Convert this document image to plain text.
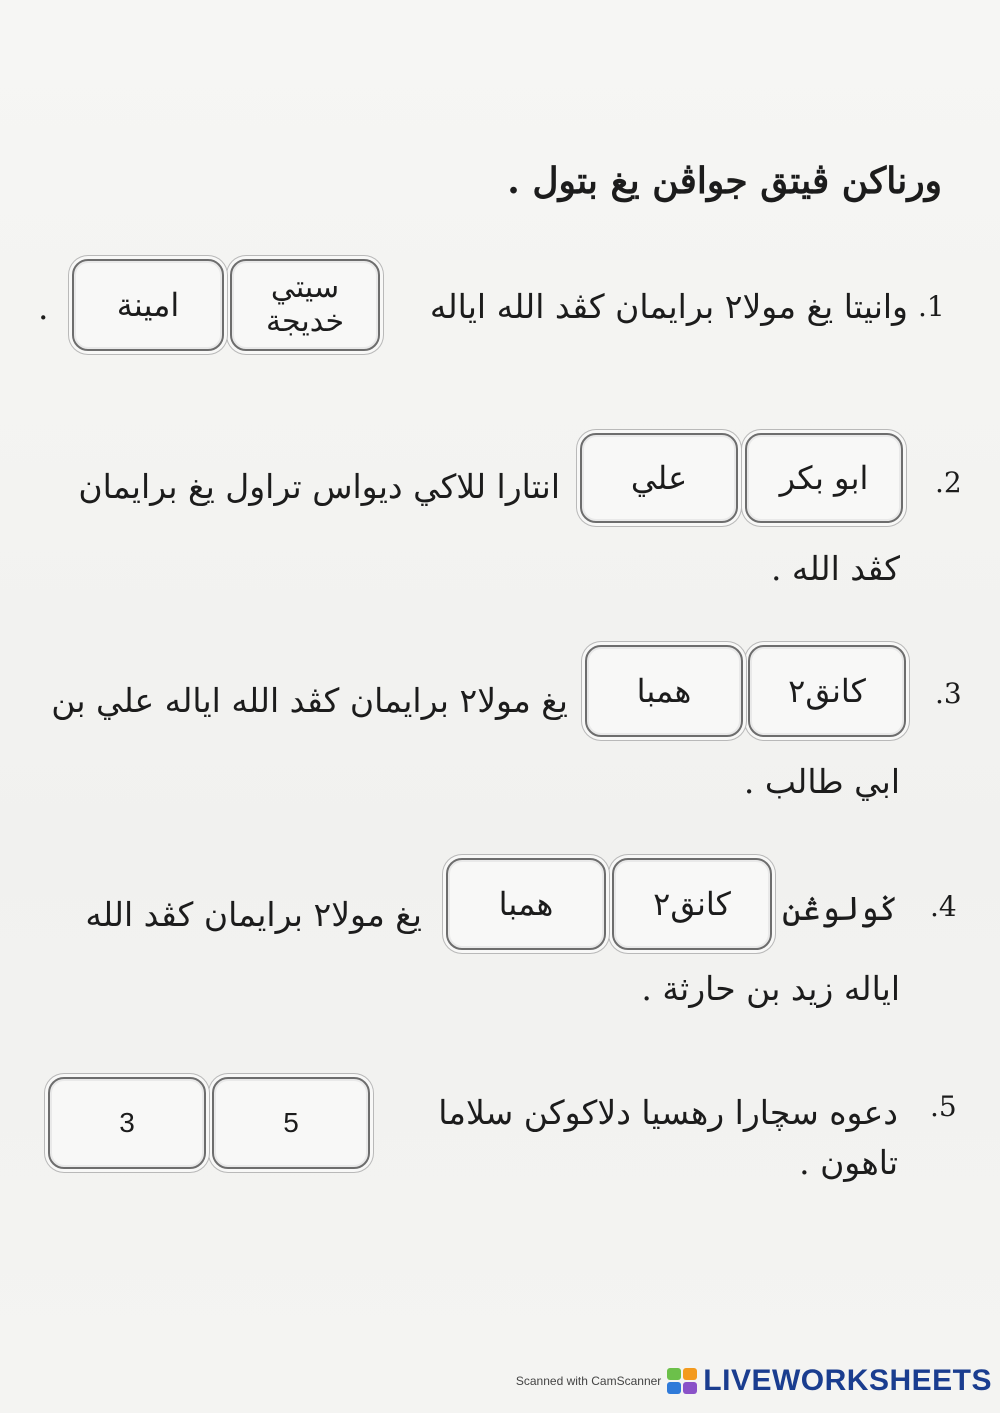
ورناكن ڤيتق جواڤن يغ بتول .
.1
وانيتا يغ مولا٢ برايمان كڤد الله اياله
سيتي خديجة
امينة
.
.2
ابو بكر
علي
انتارا للاكي ديواس تراول يغ برايمان
كڤد الله .
.3
كانق٢
همبا
يغ مولا٢ برايمان كڤد الله اياله علي بن
ابي طالب .
.4
ݢولوڠن
كانق٢
همبا
يغ مولا٢ برايمان كڤد الله
ايال‍ه زيد بن حارثة .
.5
دعوه سچارا رهسيا دلاكوكن سلاما
تاهون .
5
3
Scanned with CamScanner LIVEWORKSHEETS
